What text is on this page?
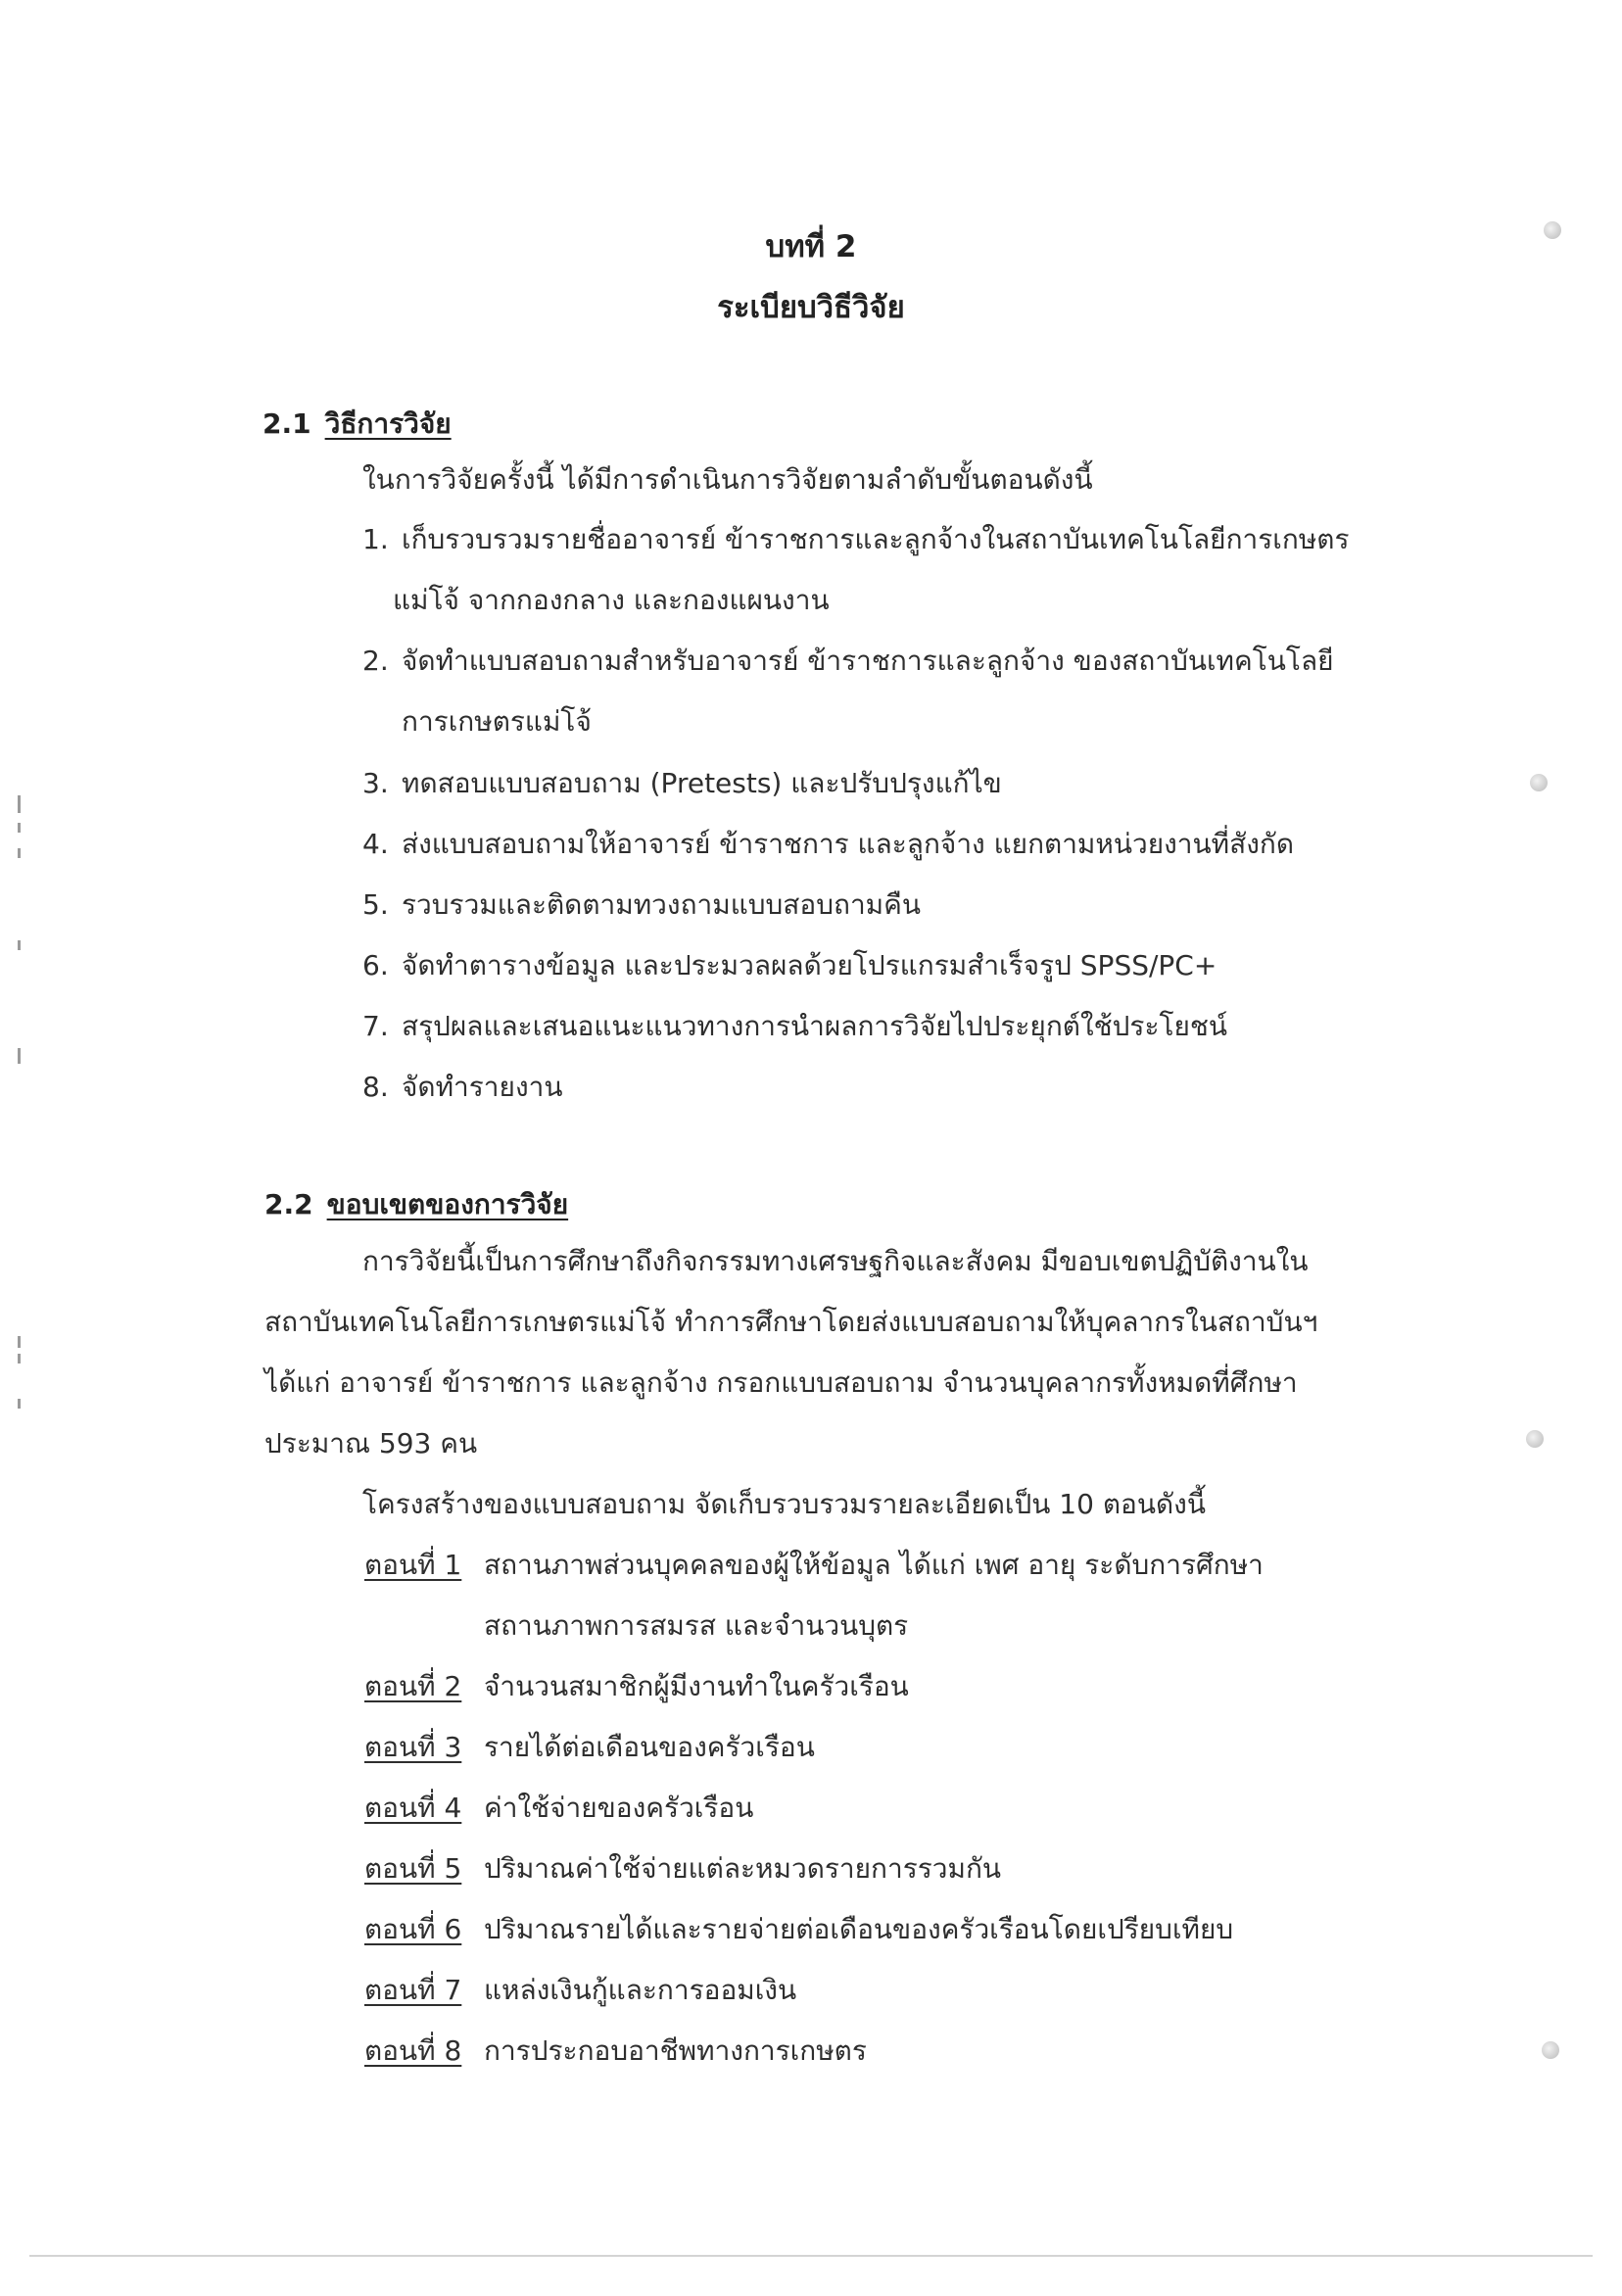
บทที่ 2
ระเบียบวิธีวิจัย
2.1 วิธีการวิจัย
ในการวิจัยครั้งนี้ ได้มีการดำเนินการวิจัยตามลำดับขั้นตอนดังนี้
1. เก็บรวบรวมรายชื่ออาจารย์ ข้าราชการและลูกจ้างในสถาบันเทคโนโลยีการเกษตร
แม่โจ้ จากกองกลาง และกองแผนงาน
2. จัดทำแบบสอบถามสำหรับอาจารย์ ข้าราชการและลูกจ้าง ของสถาบันเทคโนโลยี
การเกษตรแม่โจ้
3. ทดสอบแบบสอบถาม (Pretests) และปรับปรุงแก้ไข
4. ส่งแบบสอบถามให้อาจารย์ ข้าราชการ และลูกจ้าง แยกตามหน่วยงานที่สังกัด
5. รวบรวมและติดตามทวงถามแบบสอบถามคืน
6. จัดทำตารางข้อมูล และประมวลผลด้วยโปรแกรมสำเร็จรูป SPSS/PC+
7. สรุปผลและเสนอแนะแนวทางการนำผลการวิจัยไปประยุกต์ใช้ประโยชน์
8. จัดทำรายงาน
2.2 ขอบเขตของการวิจัย
การวิจัยนี้เป็นการศึกษาถึงกิจกรรมทางเศรษฐกิจและสังคม มีขอบเขตปฏิบัติงานใน
สถาบันเทคโนโลยีการเกษตรแม่โจ้ ทำการศึกษาโดยส่งแบบสอบถามให้บุคลากรในสถาบันฯ
ได้แก่ อาจารย์ ข้าราชการ และลูกจ้าง กรอกแบบสอบถาม จำนวนบุคลากรทั้งหมดที่ศึกษา
ประมาณ 593 คน
โครงสร้างของแบบสอบถาม จัดเก็บรวบรวมรายละเอียดเป็น 10 ตอนดังนี้
ตอนที่ 1 สถานภาพส่วนบุคคลของผู้ให้ข้อมูล ได้แก่ เพศ อายุ ระดับการศึกษา
สถานภาพการสมรส และจำนวนบุตร
ตอนที่ 2 จำนวนสมาชิกผู้มีงานทำในครัวเรือน
ตอนที่ 3 รายได้ต่อเดือนของครัวเรือน
ตอนที่ 4 ค่าใช้จ่ายของครัวเรือน
ตอนที่ 5 ปริมาณค่าใช้จ่ายแต่ละหมวดรายการรวมกัน
ตอนที่ 6 ปริมาณรายได้และรายจ่ายต่อเดือนของครัวเรือนโดยเปรียบเทียบ
ตอนที่ 7 แหล่งเงินกู้และการออมเงิน
ตอนที่ 8 การประกอบอาชีพทางการเกษตร
